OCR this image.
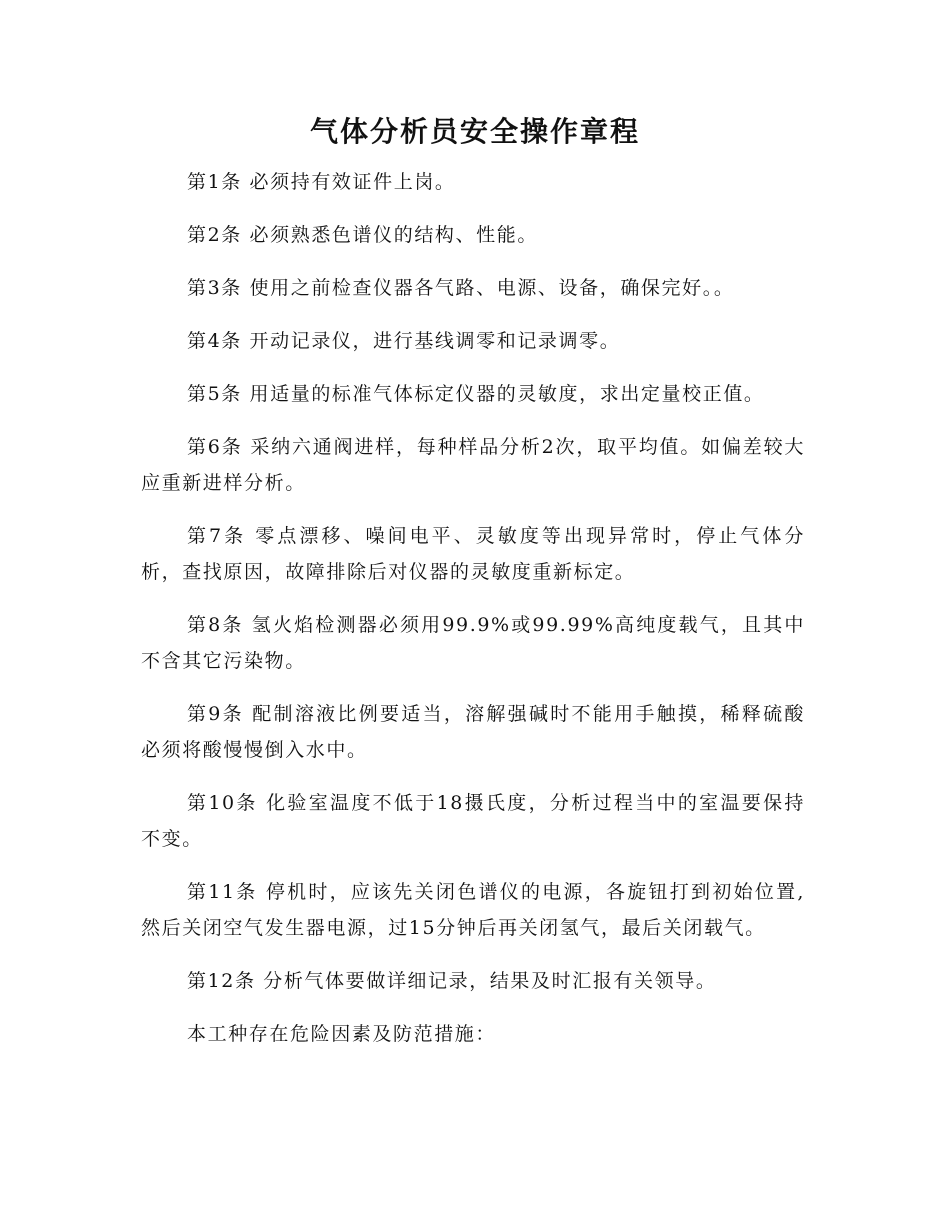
气体分析员安全操作章程

第1条 必须持有效证件上岗。

第2条 必须熟悉色谱仪的结构、性能。

第3条 使用之前检查仪器各气路、电源、设备，确保完好。。

第4条 开动记录仪，进行基线调零和记录调零。

第5条 用适量的标准气体标定仪器的灵敏度，求出定量校正值。

第6条 采纳六通阀进样，每种样品分析2次，取平均值。如偏差较大应重新进样分析。

第7条 零点漂移、噪间电平、灵敏度等出现异常时，停止气体分析，查找原因，故障排除后对仪器的灵敏度重新标定。

第8条 氢火焰检测器必须用99.9%或99.99%高纯度载气，且其中不含其它污染物。

第9条 配制溶液比例要适当，溶解强碱时不能用手触摸，稀释硫酸必须将酸慢慢倒入水中。

第10条 化验室温度不低于18摄氏度，分析过程当中的室温要保持不变。

第11条 停机时，应该先关闭色谱仪的电源，各旋钮打到初始位置,然后关闭空气发生器电源，过15分钟后再关闭氢气，最后关闭载气。

第12条 分析气体要做详细记录，结果及时汇报有关领导。

本工种存在危险因素及防范措施：
